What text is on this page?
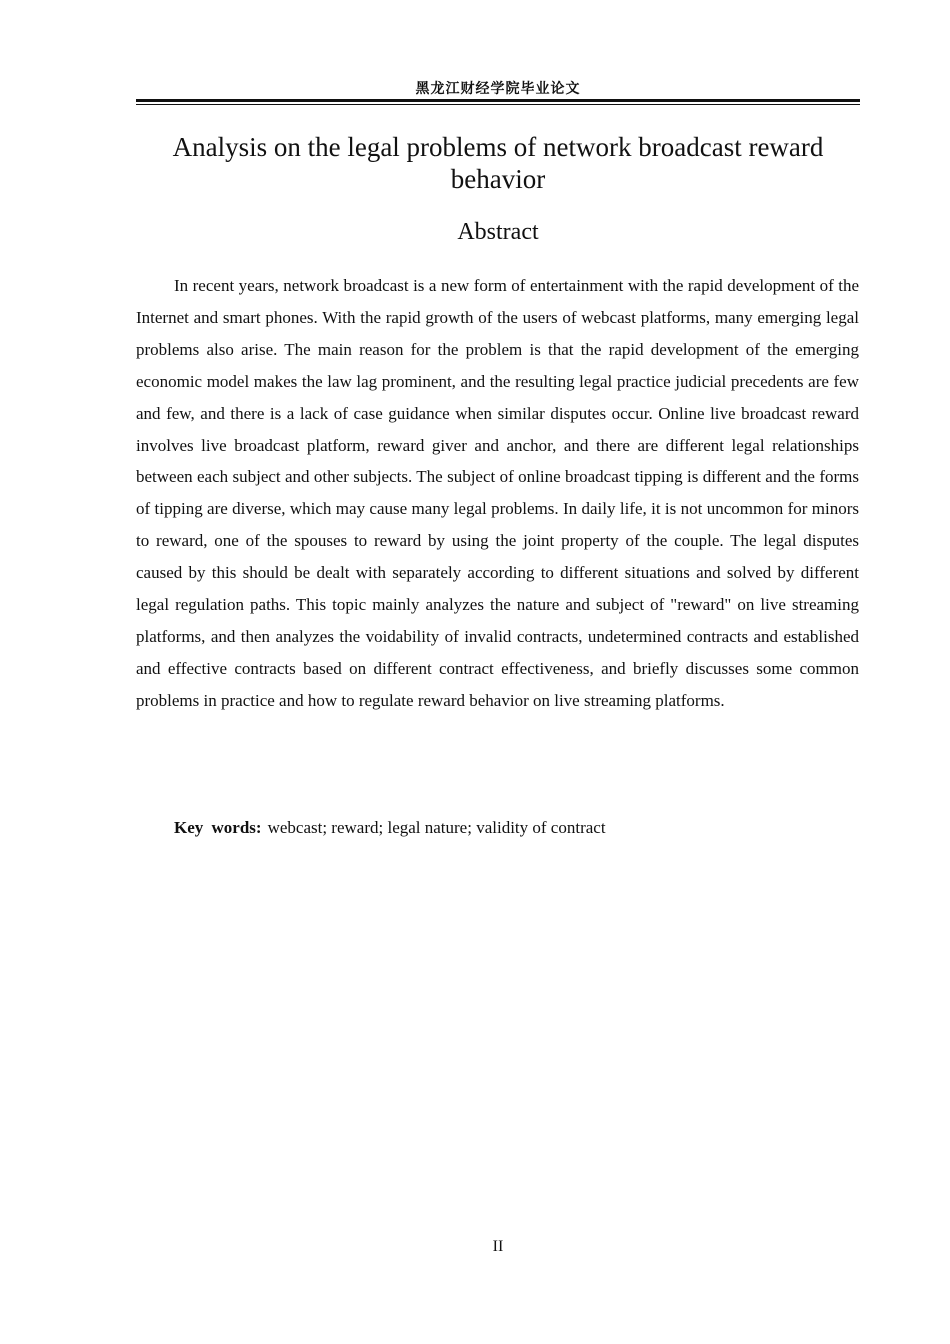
黑龙江财经学院毕业论文
Analysis on the legal problems of network broadcast reward behavior
Abstract

In recent years, network broadcast is a new form of entertainment with the rapid development of the Internet and smart phones. With the rapid growth of the users of webcast platforms, many emerging legal problems also arise. The main reason for the problem is that the rapid development of the emerging economic model makes the law lag prominent, and the resulting legal practice judicial precedents are few and few, and there is a lack of case guidance when similar disputes occur. Online live broadcast reward involves live broadcast platform, reward giver and anchor, and there are different legal relationships between each subject and other subjects. The subject of online broadcast tipping is different and the forms of tipping are diverse, which may cause many legal problems. In daily life, it is not uncommon for minors to reward, one of the spouses to reward by using the joint property of the couple. The legal disputes caused by this should be dealt with separately according to different situations and solved by different legal regulation paths. This topic mainly analyzes the nature and subject of "reward" on live streaming platforms, and then analyzes the voidability of invalid contracts, undetermined contracts and established and effective contracts based on different contract effectiveness, and briefly discusses some common problems in practice and how to regulate reward behavior on live streaming platforms.

Key words: webcast; reward; legal nature; validity of contract

II
